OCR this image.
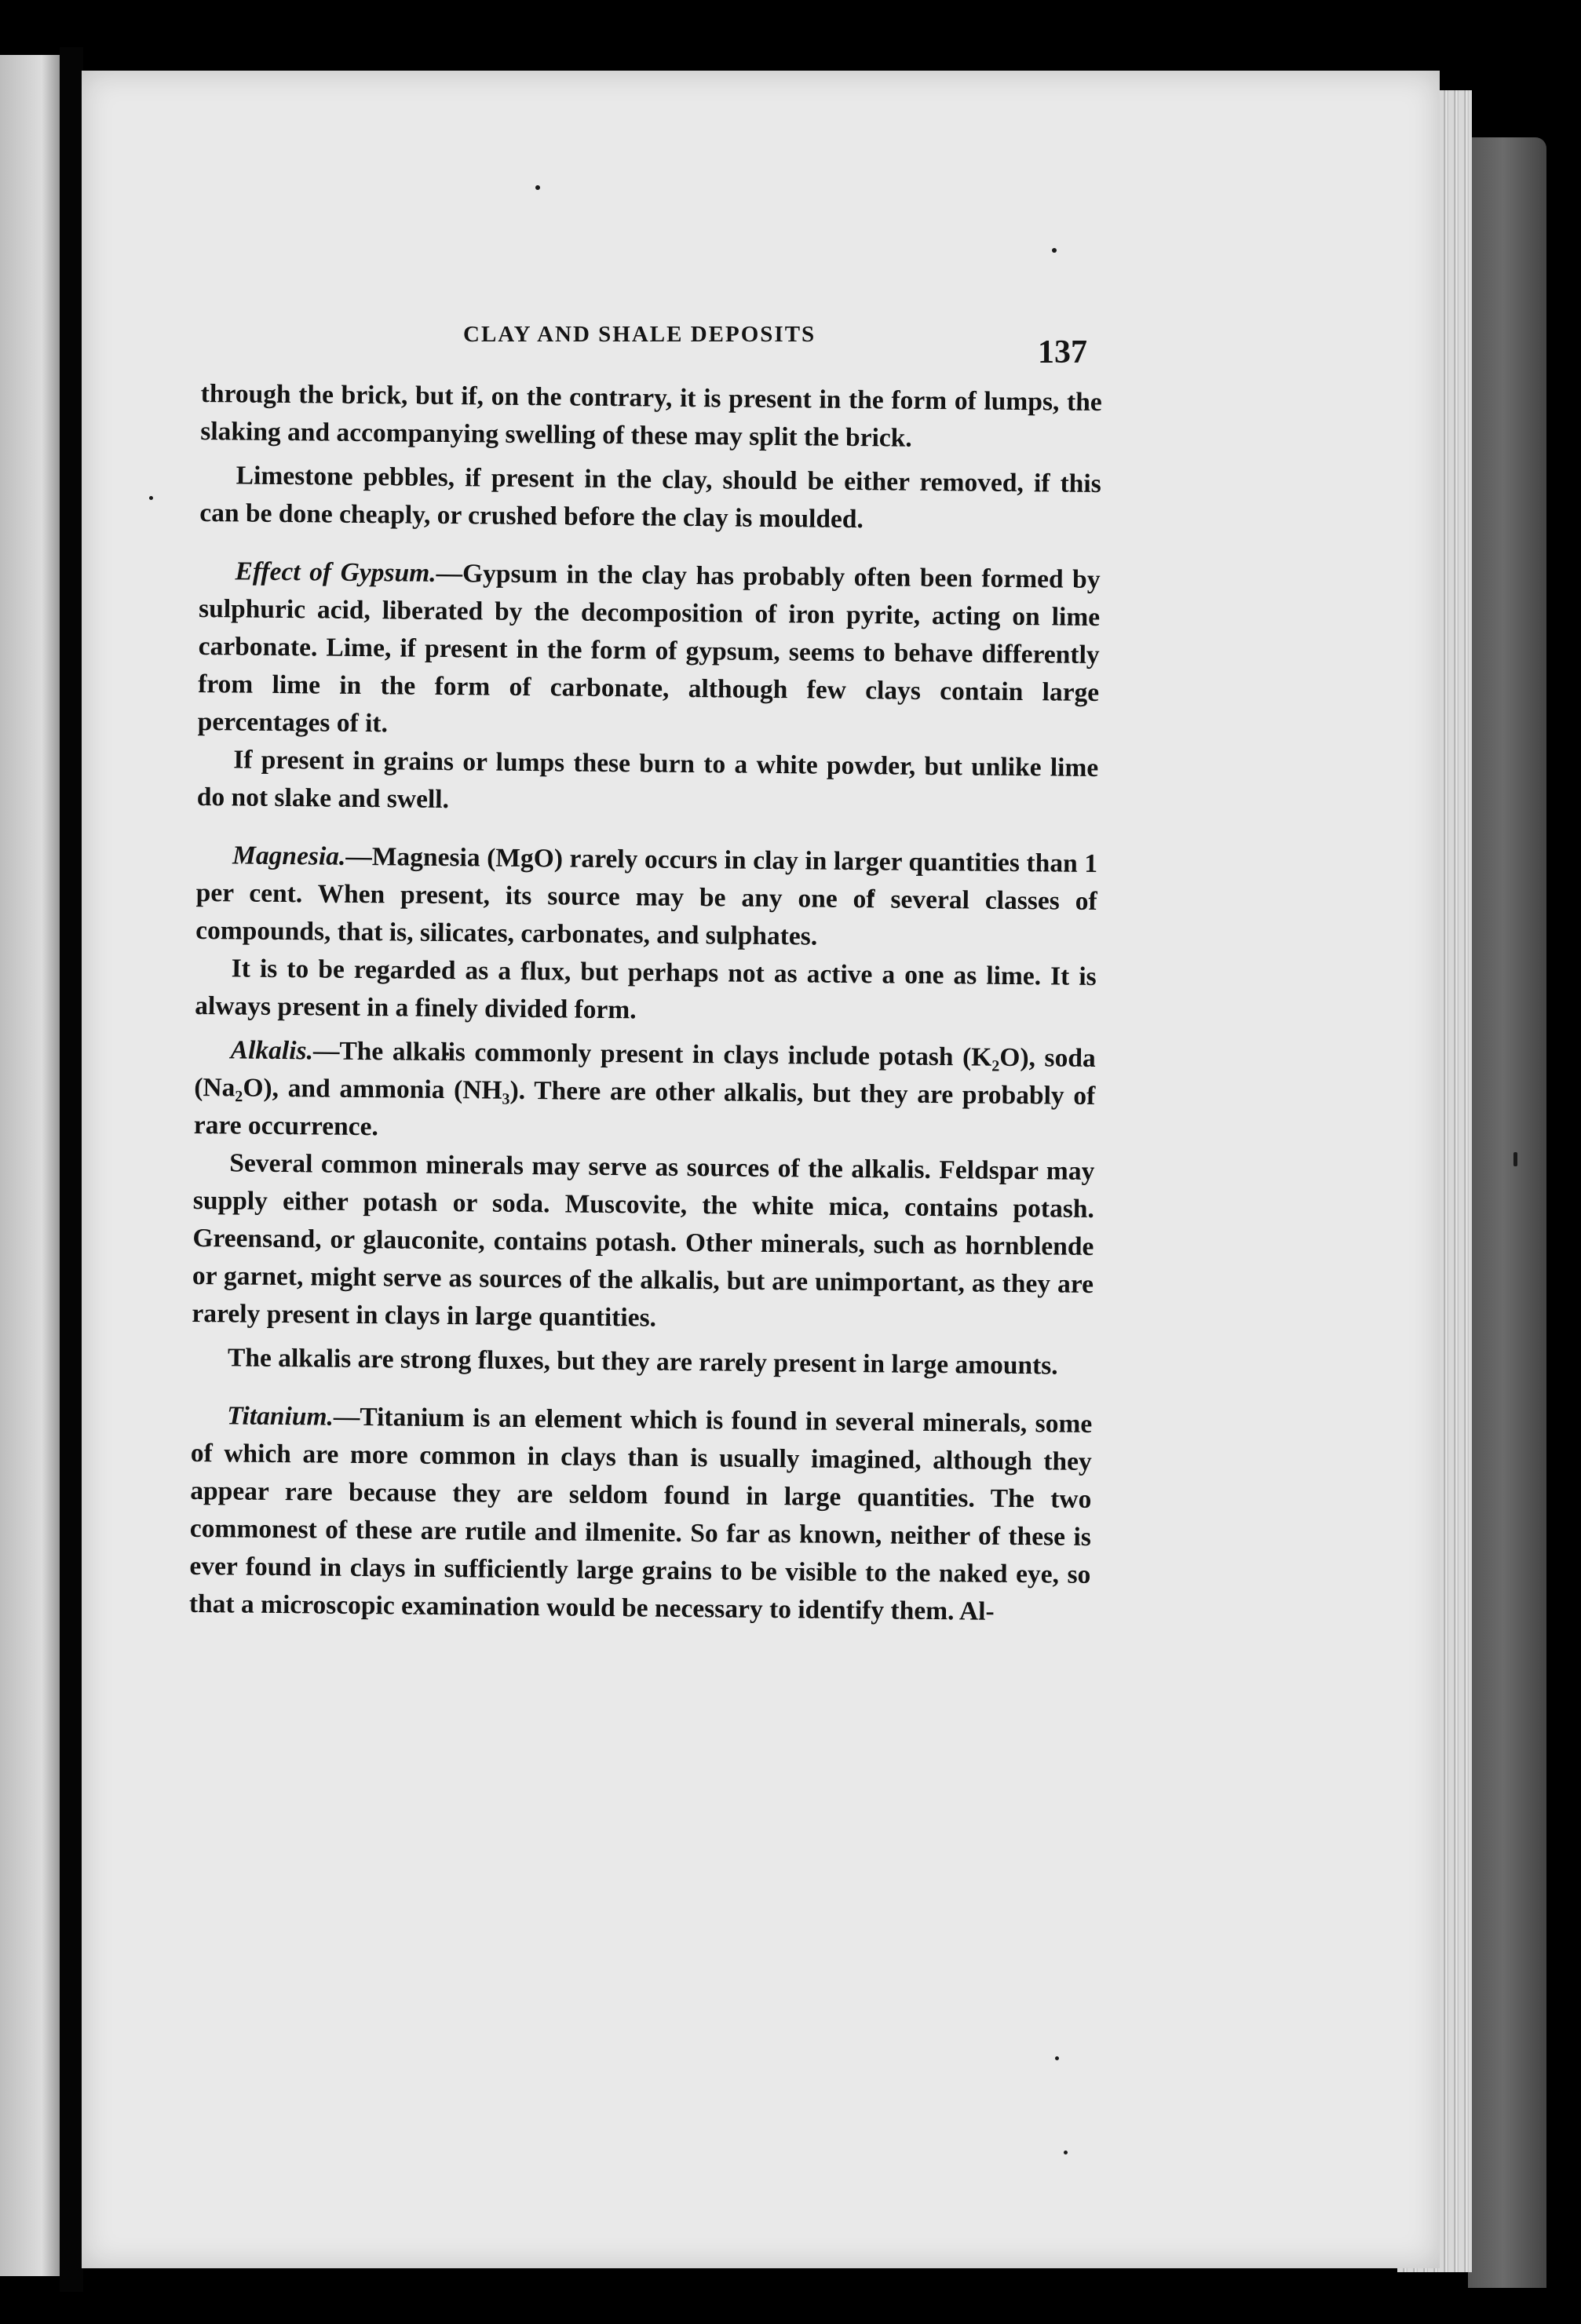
CLAY AND SHALE DEPOSITS	137

through the brick, but if, on the contrary, it is present in the form of lumps, the slaking and accompanying swelling of these may split the brick.

Limestone pebbles, if present in the clay, should be either removed, if this can be done cheaply, or crushed before the clay is moulded.

Effect of Gypsum.—Gypsum in the clay has probably often been formed by sulphuric acid, liberated by the decomposition of iron pyrite, acting on lime carbonate. Lime, if present in the form of gypsum, seems to behave differently from lime in the form of carbonate, although few clays contain large percentages of it.

If present in grains or lumps these burn to a white powder, but unlike lime do not slake and swell.

Magnesia.—Magnesia (MgO) rarely occurs in clay in larger quantities than 1 per cent. When present, its source may be any one of several classes of compounds, that is, silicates, carbonates, and sulphates.

It is to be regarded as a flux, but perhaps not as active a one as lime. It is always present in a finely divided form.

Alkalis.—The alkalis commonly present in clays include potash (K₂O), soda (Na₂O), and ammonia (NH₃). There are other alkalis, but they are probably of rare occurrence.

Several common minerals may serve as sources of the alkalis. Feldspar may supply either potash or soda. Muscovite, the white mica, contains potash. Greensand, or glauconite, contains potash. Other minerals, such as hornblende or garnet, might serve as sources of the alkalis, but are unimportant, as they are rarely present in clays in large quantities.

The alkalis are strong fluxes, but they are rarely present in large amounts.

Titanium.—Titanium is an element which is found in several minerals, some of which are more common in clays than is usually imagined, although they appear rare because they are seldom found in large quantities. The two commonest of these are rutile and ilmenite. So far as known, neither of these is ever found in clays in sufficiently large grains to be visible to the naked eye, so that a microscopic examination would be necessary to identify them. Al-
